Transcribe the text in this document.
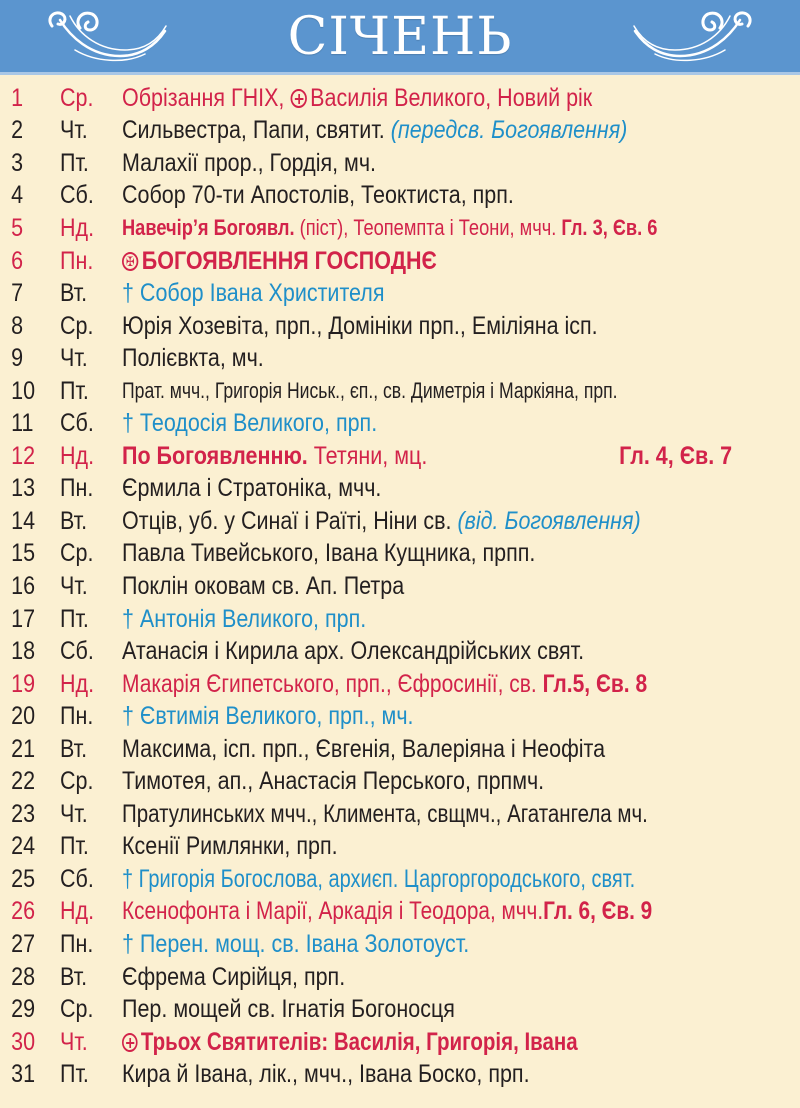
СІЧЕНЬ
1	Ср.	Обрізання ГНІХ, Василія Великого, Новий рік
2	Чт.	Сильвестра, Папи, святит. (передсв. Богоявлення)
3	Пт.	Малахії прор., Гордія, мч.
4	Сб.	Собор 70-ти Апостолів, Теоктиста, прп.
5	Нд.	Навечір’я Богоявл. (піст), Теопемпта і Теони, мчч. Гл. 3, Єв. 6
6	Пн. ✠	БОГОЯВЛЕННЯ ГОСПОДНЄ
7	Вт.	† Собор Івана Христителя
8	Ср.	Юрія Хозевіта, прп., Домініки прп., Еміліяна ісп.
9	Чт.	Полієвкта, мч.
10 Пт.	Прат. мчч., Григорія Ниськ., єп., св. Диметрія і Маркіяна, прп.
11	Сб.	† Теодосія Великого, прп.
12 Нд.	По Богоявленню. Тетяни, мц.	Гл. 4, Єв. 7
13 Пн.	Єрмила і Стратоніка, мчч.
14 Вт.	Отців, уб. у Синаї і Раїті, Ніни св. (від. Богоявлення)
15 Ср.	Павла Тивейського, Івана Кущника, прпп.
16 Чт.	Поклін оковам св. Ап. Петра
17 Пт.	† Антонія Великого, прп.
18 Сб.	Атанасія і Кирила арх. Олександрійських свят.
19 Нд.	Макарія Єгипетського, прп., Єфросинії, св. Гл.5, Єв. 8
20 Пн.	† Євтимія Великого, прп., мч.
21 Вт.	Максима, ісп. прп., Євгенія, Валеріяна і Неофіта
22 Ср.	Тимотея, ап., Анастасія Перського, прпмч.
23 Чт.	Пратулинських мчч., Климента, свщмч., Агатангела мч.
24 Пт.	Ксенії Римлянки, прп.
25 Сб.	† Григорія Богослова, архиєп. Царгоргородського, свят.
26 Нд.	Ксенофонта і Марії, Аркадія і Теодора, мчч.Гл. 6, Єв. 9
27 Пн.	† Перен. мощ. св. Івана Золотоуст.
28 Вт.	Єфрема Сирійця, прп.
29 Ср.	Пер. мощей св. Ігнатія Богоносця
30 Чт.	Трьох Святителів: Василія, Григорія, Івана
31 Пт.	Кира й Івана, лік., мчч., Івана Боско, прп.
